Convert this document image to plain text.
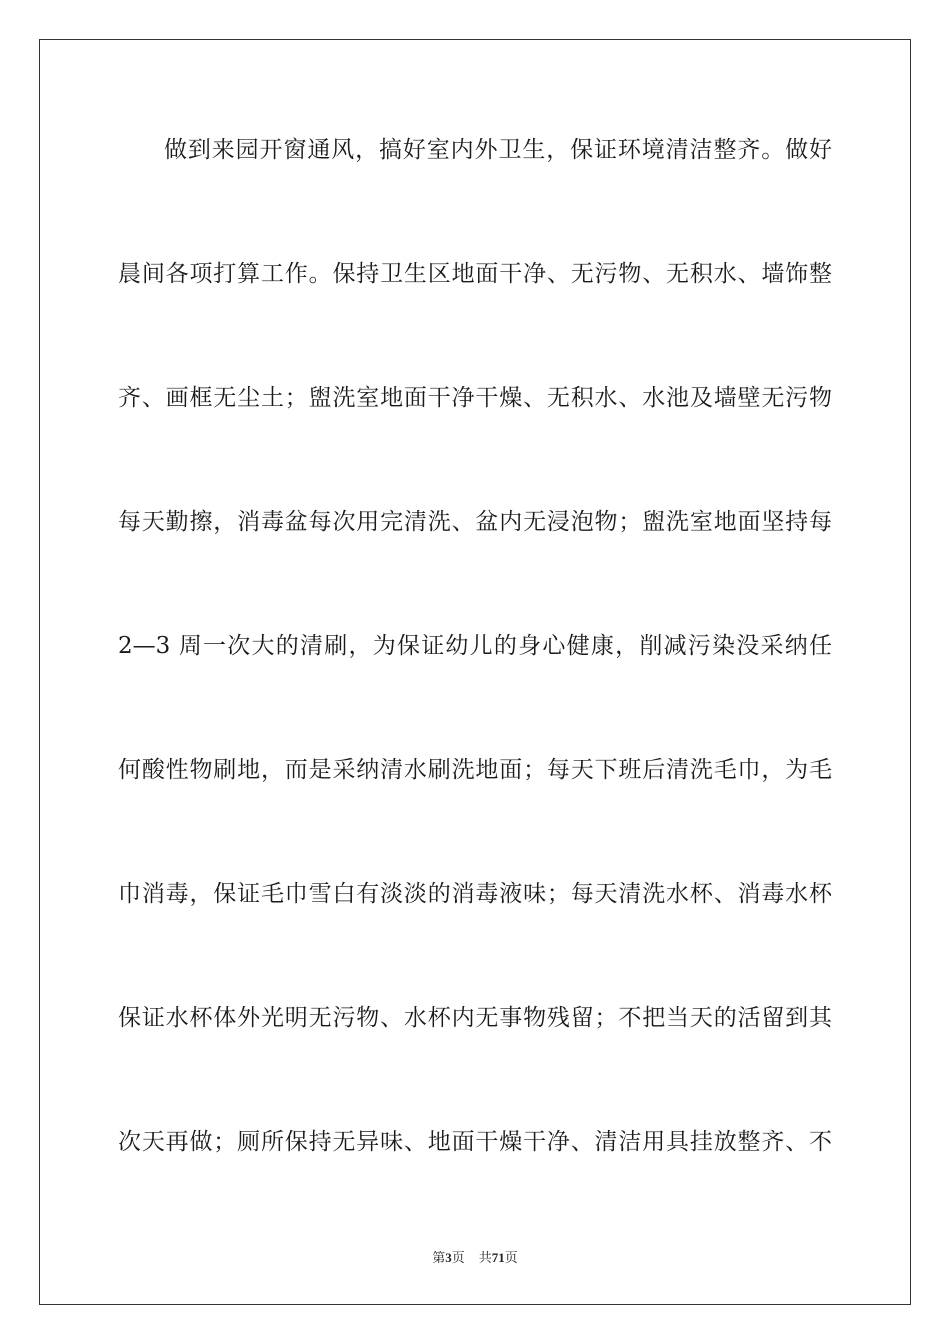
做到来园开窗通风，搞好室内外卫生，保证环境清洁整齐。做好
晨间各项打算工作。保持卫生区地面干净、无污物、无积水、墙饰整
齐、画框无尘土；盥洗室地面干净干燥、无积水、水池及墙壁无污物
每天勤擦，消毒盆每次用完清洗、盆内无浸泡物；盥洗室地面坚持每
2—3 周一次大的清刷，为保证幼儿的身心健康，削减污染没采纳任
何酸性物刷地，而是采纳清水刷洗地面；每天下班后清洗毛巾，为毛
巾消毒，保证毛巾雪白有淡淡的消毒液味；每天清洗水杯、消毒水杯
保证水杯体外光明无污物、水杯内无事物残留；不把当天的活留到其
次天再做；厕所保持无异味、地面干燥干净、清洁用具挂放整齐、不
第3页 共71页
